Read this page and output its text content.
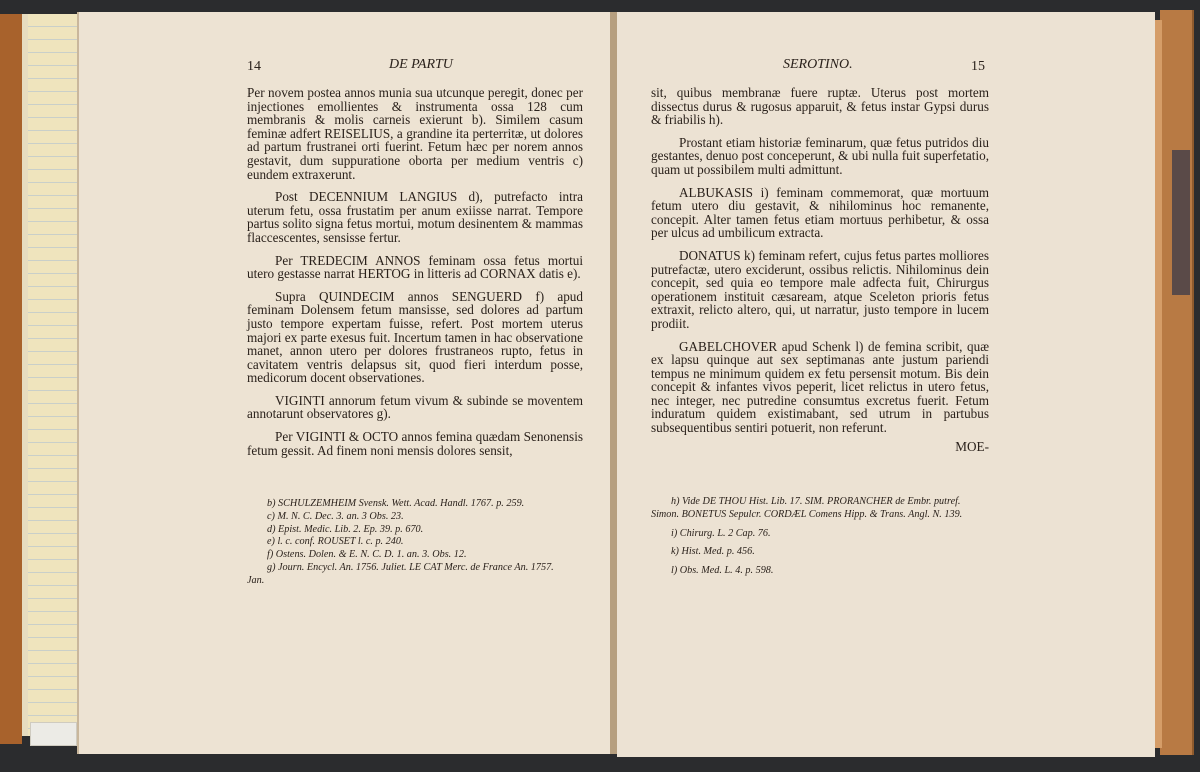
14	DE PARTU

Per novem postea annos munia sua utcunque peregit, donec per injectiones emollientes & instrumenta ossa 128 cum membranis & molis carneis exierunt b). Similem casum feminæ adfert REISELIUS, a grandine ita perterritæ, ut dolores ad partum frustranei orti fuerint. Fetum hæc per norem annos gestavit, dum suppuratione oborta per medium ventris c) eundem extraxerunt.

Post DECENNIUM LANGIUS d), putrefacto intra uterum fetu, ossa frustatim per anum exiisse narrat. Tempore partus solito signa fetus mortui, motum desinentem & mammas flaccescentes, sensisse fertur.

Per TREDECIM ANNOS feminam ossa fetus mortui utero gestasse narrat HERTOG in litteris ad CORNAX datis e).

Supra QUINDECIM annos SENGUERD f) apud feminam Dolensem fetum mansisse, sed dolores ad partum justo tempore expertam fuisse, refert. Post mortem uterus majori ex parte exesus fuit. Incertum tamen in hac observatione manet, annon utero per dolores frustraneos rupto, fetus in cavitatem ventris delapsus sit, quod fieri interdum posse, medicorum docent observationes.

VIGINTI annorum fetum vivum & subinde se moventem annotarunt observatores g).

Per VIGINTI & OCTO annos femina quædam Senonensis fetum gessit. Ad finem noni mensis dolores sensit,

b) SCHULZEMHEIM Svensk. Wett. Acad. Handl. 1767. p. 259.

c) M. N. C. Dec. 3. an. 3 Obs. 23.

d) Epist. Medic. Lib. 2. Ep. 39. p. 670.

e) l. c. conf. ROUSET l. c. p. 240.

f) Ostens. Dolen. & E. N. C. D. 1. an. 3. Obs. 12.

g) Journ. Encycl. An. 1756. Juliet. LE CAT Merc. de France An. 1757.

Jan.

SEROTINO.	15

sit, quibus membranæ fuere ruptæ. Uterus post mortem dissectus durus & rugosus apparuit, & fetus instar Gypsi durus & friabilis h).

Prostant etiam historiæ feminarum, quæ fetus putridos diu gestantes, denuo post conceperunt, & ubi nulla fuit superfetatio, quam ut possibilem multi admittunt.

ALBUKASIS i) feminam commemorat, quæ mortuum fetum utero diu gestavit, & nihilominus hoc remanente, concepit. Alter tamen fetus etiam mortuus perhibetur, & ossa per ulcus ad umbilicum extracta.

DONATUS k) feminam refert, cujus fetus partes molliores putrefactæ, utero exciderunt, ossibus relictis. Nihilominus dein concepit, sed quia eo tempore male adfecta fuit, Chirurgus operationem instituit cæsaream, atque Sceleton prioris fetus extraxit, relicto altero, qui, ut narratur, justo tempore in lucem prodiit.

GABELCHOVER apud Schenk l) de femina scribit, quæ ex lapsu quinque aut sex septimanas ante justum pariendi tempus ne minimum quidem ex fetu persensit motum. Bis dein concepit & infantes vivos peperit, licet relictus in utero fetus, nec integer, nec putredine consumtus excretus fuerit. Fetum induratum quidem existimabant, sed utrum in partubus subsequentibus sentiri potuerit, non referunt.

MOE-

h) Vide DE THOU Hist. Lib. 17. SIM. PRORANCHER de Embr. putref.

Simon. BONETUS Sepulcr. CORDÆL Comens Hipp. & Trans. Angl. N. 139.

i) Chirurg. L. 2 Cap. 76.

k) Hist. Med. p. 456.

l) Obs. Med. L. 4. p. 598.
